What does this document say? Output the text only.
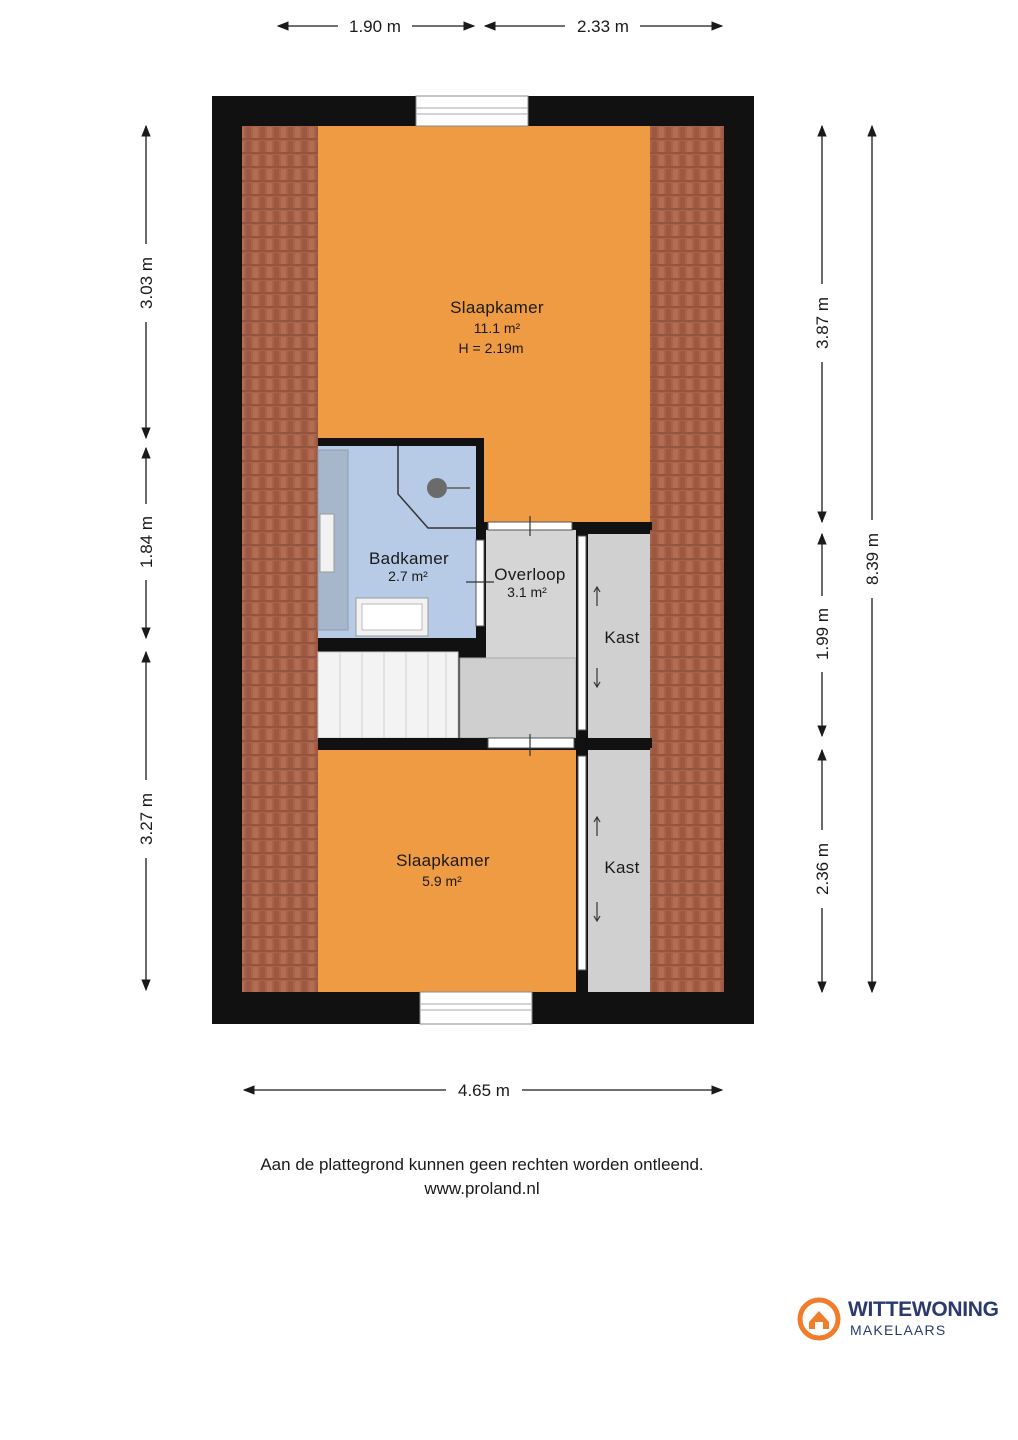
Slaapkamer
11.1 m²
H = 2.19m
Badkamer
2.7 m²	Overloop
3.1 m²
Kast
Kast
Slaapkamer
5.9 m²
1.90 m	2.33 m
4.65 m
3.03 m
1.84 m
3.27 m
3.87 m
1.99 m
2.36 m
8.39 m
Aan de plattegrond kunnen geen rechten worden ontleend.
www.proland.nl
WITTEWONING
MAKELAARS
